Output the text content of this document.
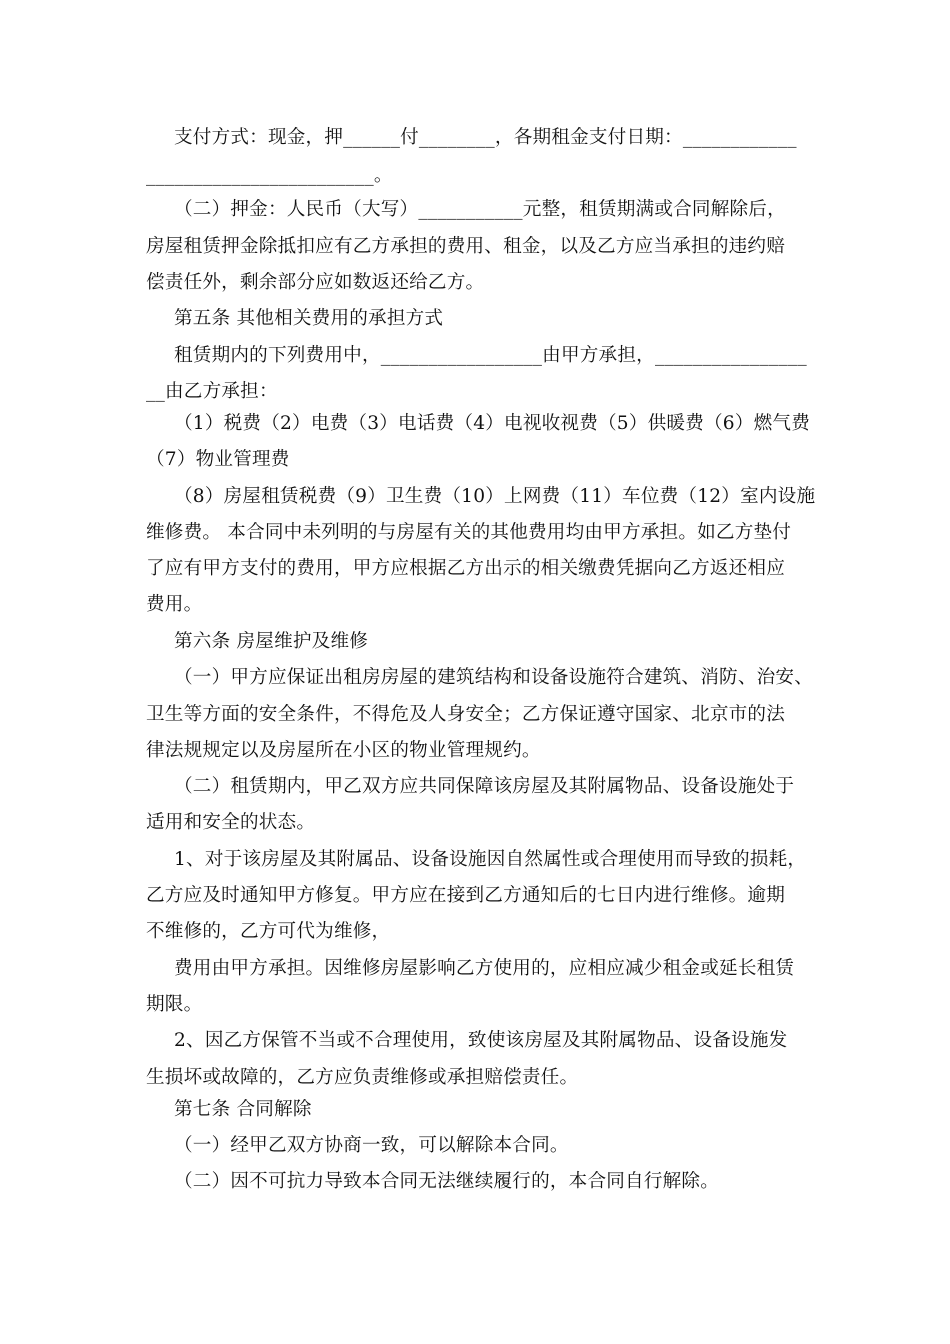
支付方式：现金，押______付________，各期租金支付日期：____________
________________________。
（二）押金：人民币（大写）___________元整，租赁期满或合同解除后，
房屋租赁押金除抵扣应有乙方承担的费用、租金，以及乙方应当承担的违约赔
偿责任外，剩余部分应如数返还给乙方。
第五条 其他相关费用的承担方式
租赁期内的下列费用中，_________________由甲方承担，________________
__由乙方承担：
（1）税费（2）电费（3）电话费（4）电视收视费（5）供暖费（6）燃气费
（7）物业管理费
（8）房屋租赁税费（9）卫生费（10）上网费（11）车位费（12）室内设施
维修费。 本合同中未列明的与房屋有关的其他费用均由甲方承担。如乙方垫付
了应有甲方支付的费用，甲方应根据乙方出示的相关缴费凭据向乙方返还相应
费用。
第六条 房屋维护及维修
（一）甲方应保证出租房房屋的建筑结构和设备设施符合建筑、消防、治安、
卫生等方面的安全条件，不得危及人身安全；乙方保证遵守国家、北京市的法
律法规规定以及房屋所在小区的物业管理规约。
（二）租赁期内，甲乙双方应共同保障该房屋及其附属物品、设备设施处于
适用和安全的状态。
1、对于该房屋及其附属品、设备设施因自然属性或合理使用而导致的损耗，
乙方应及时通知甲方修复。甲方应在接到乙方通知后的七日内进行维修。逾期
不维修的，乙方可代为维修，
费用由甲方承担。因维修房屋影响乙方使用的，应相应减少租金或延长租赁
期限。
2、因乙方保管不当或不合理使用，致使该房屋及其附属物品、设备设施发
生损坏或故障的，乙方应负责维修或承担赔偿责任。
第七条 合同解除
（一）经甲乙双方协商一致，可以解除本合同。
（二）因不可抗力导致本合同无法继续履行的，本合同自行解除。
